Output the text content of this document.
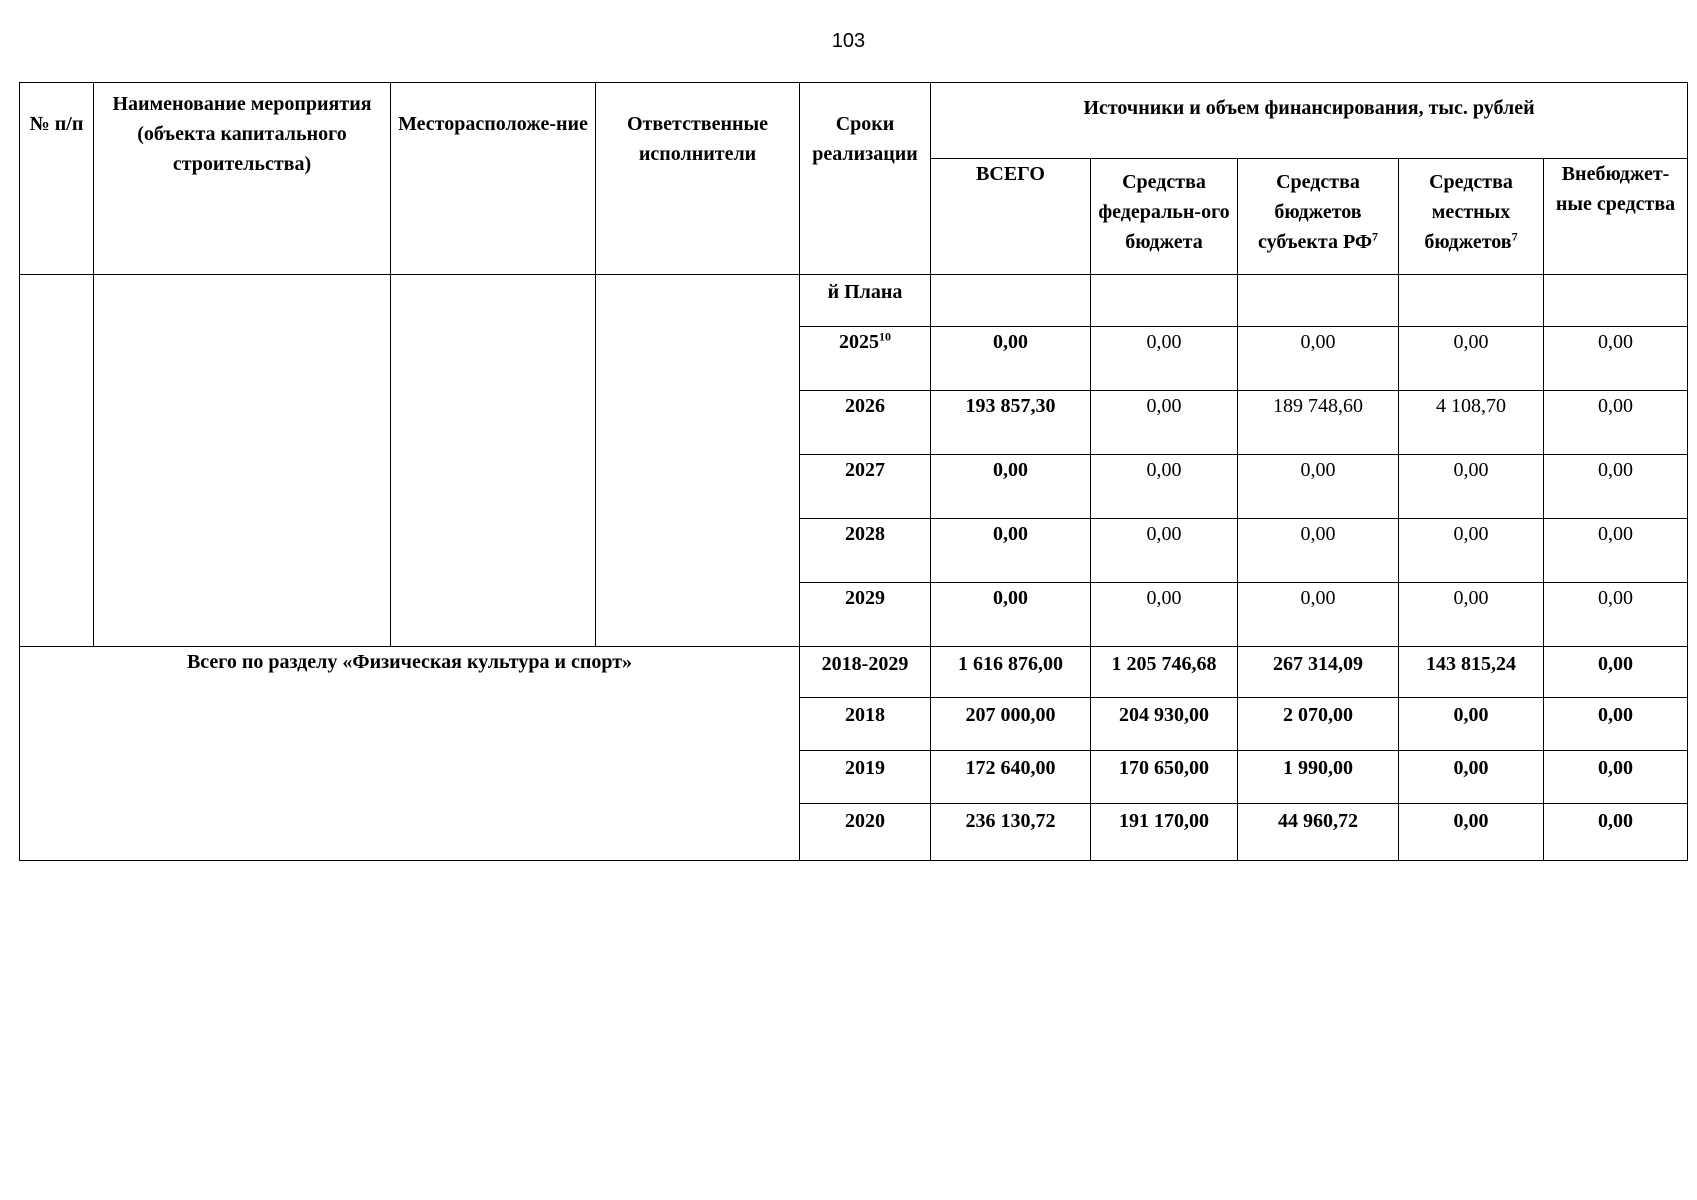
103
№ п/п	Наименование мероприятия (объекта капитального строительства)	Месторасположе-ние	Ответственные исполнители	Сроки реализации	Источники и объем финансирования, тыс. рублей				

					ВСЕГО	Средства федеральн-ого бюджета	Средства бюджетов субъекта $РФ^7$	Средства местных бюджетов$^7$	Внебюджет-ные средства
				й Плана					
				2025$^{10}$	0,00	0,00	0,00	0,00	0,00
				2026	193 857,30	0,00	189 748,60	4 108,70	0,00
				2027	0,00	0,00	0,00	0,00	0,00
				2028	0,00	0,00	0,00	0,00	0,00
				2029	0,00	0,00	0,00	0,00	0,00
Всего по разделу «Физическая культура и спорт»				2018-2029	1 616 876,00	1 205 746,68	267 314,09	143 815,24	0,00
				2018	207 000,00	204 930,00	2 070,00	0,00	0,00
				2019	172 640,00	170 650,00	1 990,00	0,00	0,00
				2020	236 130,72	191 170,00	44 960,72	0,00	0,00
